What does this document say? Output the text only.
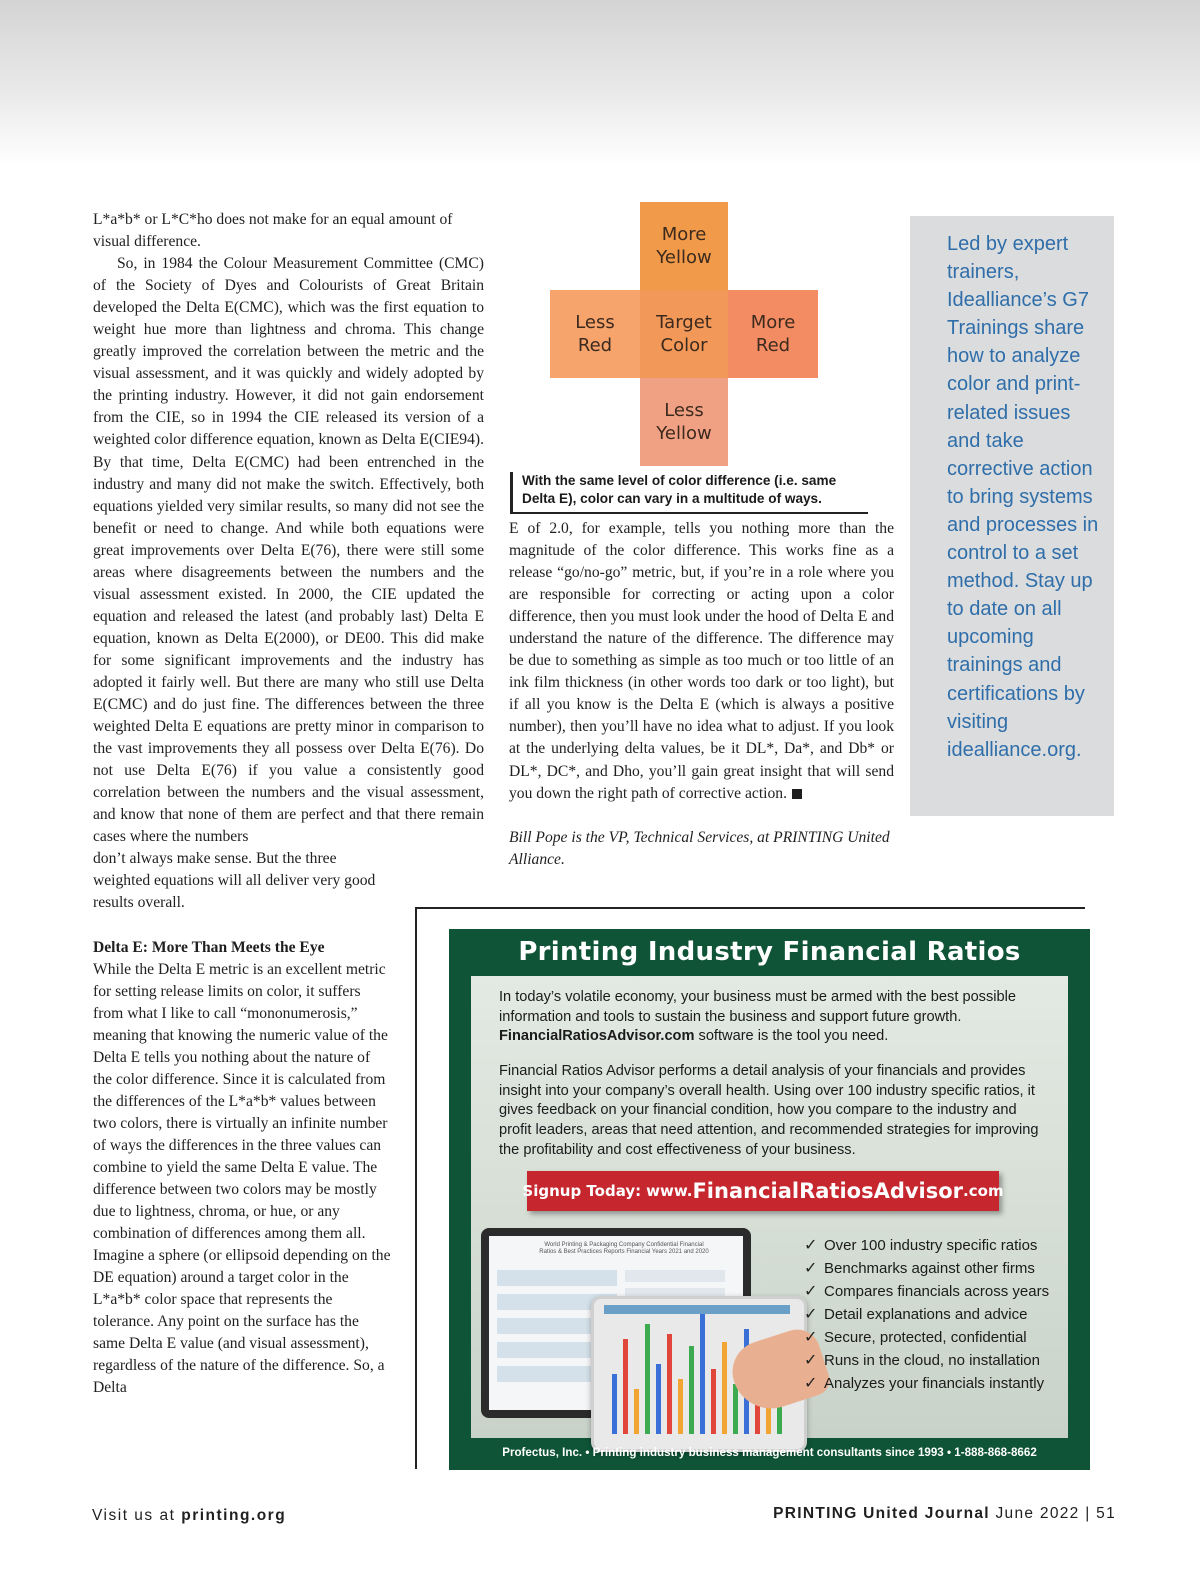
L*a*b* or L*C*ho does not make for an equal amount of visual difference.

So, in 1984 the Colour Measurement Committee (CMC) of the Society of Dyes and Colourists of Great Britain developed the Delta E(CMC), which was the first equation to weight hue more than lightness and chroma. This change greatly improved the correlation between the metric and the visual assessment, and it was quickly and widely adopted by the printing industry. However, it did not gain endorsement from the CIE, so in 1994 the CIE released its version of a weighted color difference equation, known as Delta E(CIE94). By that time, Delta E(CMC) had been entrenched in the industry and many did not make the switch. Effectively, both equations yielded very similar results, so many did not see the benefit or need to change. And while both equations were great improvements over Delta E(76), there were still some areas where disagreements between the numbers and the visual assessment existed. In 2000, the CIE updated the equation and released the latest (and probably last) Delta E equation, known as Delta E(2000), or DE00. This did make for some significant improvements and the industry has adopted it fairly well. But there are many who still use Delta E(CMC) and do just fine. The differences between the three weighted Delta E equations are pretty minor in comparison to the vast improvements they all possess over Delta E(76). Do not use Delta E(76) if you value a consistently good correlation between the numbers and the visual assessment, and know that none of them are perfect and that there remain cases where the numbers

don’t always make sense. But the three weighted equations will all deliver very good results overall.

Delta E: More Than Meets the Eye

While the Delta E metric is an excellent metric for setting release limits on color, it suffers from what I like to call “mononumerosis,” meaning that knowing the numeric value of the Delta E tells you nothing about the nature of the color difference. Since it is calculated from the differences of the L*a*b* values between two colors, there is virtually an infinite number of ways the differences in the three values can combine to yield the same Delta E value. The difference between two colors may be mostly due to lightness, chroma, or hue, or any combination of differences among them all. Imagine a sphere (or ellipsoid depending on the DE equation) around a target color in the L*a*b* color space that represents the tolerance. Any point on the surface has the same Delta E value (and visual assessment), regardless of the nature of the difference. So, a Delta

More Yellow
Less Red
Target Color
More Red
Less Yellow
With the same level of color difference (i.e. same Delta E), color can vary in a multitude of ways.

E of 2.0, for example, tells you nothing more than the magnitude of the color difference. This works fine as a release “go/no-go” metric, but, if you’re in a role where you are responsible for correcting or acting upon a color difference, then you must look under the hood of Delta E and understand the nature of the difference. The difference may be due to something as simple as too much or too little of an ink film thickness (in other words too dark or too light), but if all you know is the Delta E (which is always a positive number), then you’ll have no idea what to adjust. If you look at the underlying delta values, be it DL*, Da*, and Db* or DL*, DC*, and Dho, you’ll gain great insight that will send you down the right path of corrective action.

Bill Pope is the VP, Technical Services, at PRINTING United Alliance.

Led by expert trainers, Idealliance’s G7 Trainings share how to analyze color and print-related issues and take corrective action to bring systems and processes in control to a set method. Stay up to date on all upcoming trainings and certifications by visiting idealliance.org.
Printing Industry Financial Ratios
In today’s volatile economy, your business must be armed with the best possible information and tools to sustain the business and support future growth. FinancialRatiosAdvisor.com software is the tool you need.
Financial Ratios Advisor performs a detail analysis of your financials and provides insight into your company’s overall health. Using over 100 industry specific ratios, it gives feedback on your financial condition, how you compare to the industry and profit leaders, areas that need attention, and recommended strategies for improving the profitability and cost effectiveness of your business.
Signup Today: www. FinancialRatiosAdvisor .com
World Printing & Packaging Company Confidential Financial Ratios & Best Practices Reports Financial Years 2021 and 2020	✓ Over 100 industry specific ratios
✓ Benchmarks against other firms
✓ Compares financials across years
✓ Detail explanations and advice
✓ Secure, protected, confidential
✓ Runs in the cloud, no installation
✓ Analyzes your financials instantly
Profectus, Inc. • Printing industry business management consultants since 1993 • 1-888-868-8662
Visit us at printing.org	PRINTING United Journal June 2022 | 51
